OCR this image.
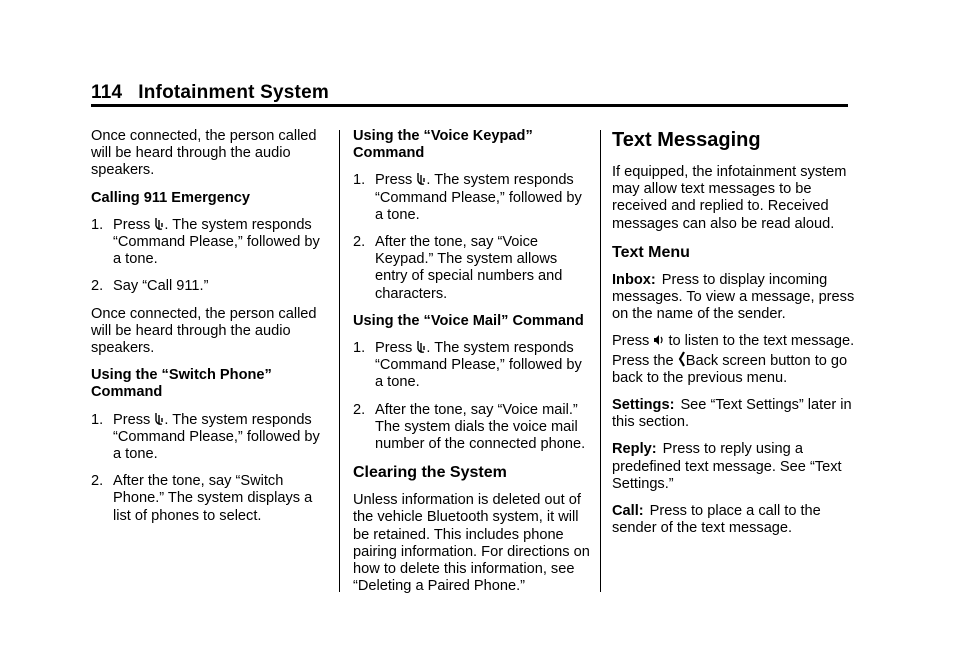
114 Infotainment System

Once connected, the person called will be heard through the audio speakers.

Calling 911 Emergency

1. Press . The system responds “Command Please,” followed by a tone.
2. Say “Call 911.”

Once connected, the person called will be heard through the audio speakers.

Using the “Switch Phone” Command

1. Press . The system responds “Command Please,” followed by a tone.
2. After the tone, say “Switch Phone.” The system displays a list of phones to select.

Using the “Voice Keypad” Command

1. Press . The system responds “Command Please,” followed by a tone.
2. After the tone, say “Voice Keypad.” The system allows entry of special numbers and characters.

Using the “Voice Mail” Command

1. Press . The system responds “Command Please,” followed by a tone.
2. After the tone, say “Voice mail.” The system dials the voice mail number of the connected phone.
Clearing the System

Unless information is deleted out of the vehicle Bluetooth system, it will be retained. This includes phone pairing information. For directions on how to delete this information, see “Deleting a Paired Phone.”

Text Messaging

If equipped, the infotainment system may allow text messages to be received and replied to. Received messages can also be read aloud.

Text Menu

Inbox: Press to display incoming messages. To view a message, press on the name of the sender.

Press to listen to the text message. Press the Back screen button to go back to the previous menu.

Settings: See “Text Settings” later in this section.

Reply: Press to reply using a predefined text message. See “Text Settings.”

Call: Press to place a call to the sender of the text message.
